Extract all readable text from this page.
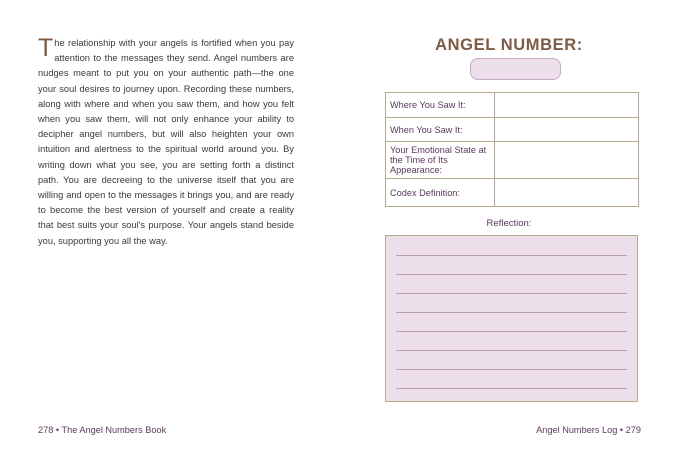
The relationship with your angels is fortified when you pay attention to the messages they send. Angel numbers are nudges meant to put you on your authentic path—the one your soul desires to journey upon. Recording these numbers, along with where and when you saw them, and how you felt when you saw them, will not only enhance your ability to decipher angel numbers, but will also heighten your own intuition and alertness to the spiritual world around you. By writing down what you see, you are setting forth a distinct path. You are decreeing to the universe itself that you are willing and open to the messages it brings you, and are ready to become the best version of yourself and create a reality that best suits your soul's purpose. Your angels stand beside you, supporting you all the way.

278 • The Angel Numbers Book
ANGEL NUMBER:
Where You Saw It:	
When You Saw It:	
Your Emotional State at the Time of Its Appearance:	
Codex Definition:	
Reflection:
Angel Numbers Log • 279
